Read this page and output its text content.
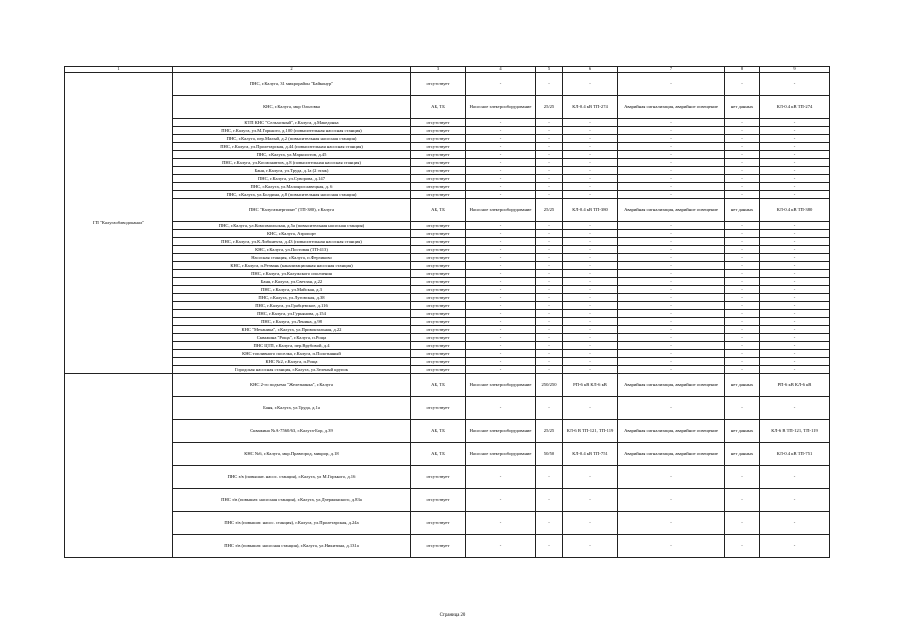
1	2	3	4	5	6	7	8	9
ГП "Калугаоблводоканал"	ПНС, г.Калуга, 31 микрорайон "Байконур"	отсутствует	-	-	-	-	-	-
	КНС, г.Калуга, мкр Ольговка	АБ, ТБ	Насосное электрооборудование	25/25	КЛ-0.4 кВ ТП-274	Аварийная сигнализация, аварийное освещение	нет данных	КЛ-0.4 кВ ТП-274
	КТП КНС "Сельхозный", г.Калуга, д.Македонка	отсутствует	-	-	-	-	-	-
	ПНС, г.Калуга, ул.М.Горького, д.100 (повысительная насосная станция)	отсутствует	-	-	-	-	-	-
	ПНС, г.Калуга, пер.Малый, д.2 (повысительная насосная станция)	отсутствует	-	-	-	-	-	-
	ПНС, г.Калуга, ул.Пролетарская, д.44 (повысительная насосная станция)	отсутствует	-	-	-	-	-	-
	ПНС, г.Калуга, ул.Марксистов, д.45	отсутствует	-	-	-	-	-	-
	ПНС, г.Калуга, ул.Космонавтов, д.8 (повысительная насосная станция)	отсутствует	-	-	-	-	-	-
	Баня, г.Калуга, ул.Труда, д.1а (2 этаж)	отсутствует	-	-	-	-	-	-
	ПНС, г.Калуга, ул.Суворова, д.147	отсутствует	-	-	-	-	-	-
	ПНС, г.Калуга, ул.Малоярославецкая, д. 6	отсутствует	-	-	-	-	-	-
	ПНС, г.Калуга, ул.Болдина, д.8 (повысительная насосная станция)	отсутствует	-	-	-	-	-	-
	ПНС "Калугаэнергоинт" (ТП-380), г.Калуга	АБ, ТБ	Насосное электрооборудование	25/25	КЛ-0.4 кВ ТП-380	Аварийная сигнализация, аварийное освещение	нет данных	КЛ-0.4 кВ ТП-380
	ПНС, г.Калуга, ул.Комсомольская, д.5а (повысительная насосная станция)	отсутствует	-	-	-	-	-	-
	КНС, г.Калуга, Аэропорт	отсутствует	-	-	-	-	-	-
	ПНС, г.Калуга, ул.К.Либкнехта, д.43 (повысительная насосная станция)	отсутствует	-	-	-	-	-	-
	КНС, г.Калуга, ул.Постовая (ТП-413)	отсутствует	-	-	-	-	-	-
	Насосная станция, г.Калуга, п.Ферзиково	отсутствует	-	-	-	-	-	-
	КНС, г.Калуга, п.Резвань (канализационная насосная станция)	отсутствует	-	-	-	-	-	-
	ПНС, г.Калуга, ул.Калужского ополчения	отсутствует	-	-	-	-	-	-
	Баня, г.Калуга, ул.Светлая, д.22	отсутствует	-	-	-	-	-	-
	ПНС, г.Калуга, ул.Майская, д.3	отсутствует	-	-	-	-	-	-
	ПНС, г.Калуга, ул.Луговская, д.38	отсутствует	-	-	-	-	-	-
	ПНС, г.Калуга, ул.Грабцевское, д.116	отсутствует	-	-	-	-	-	-
	ПНС, г.Калуга, ул.Гурьянова, д.154	отсутствует	-	-	-	-	-	-
	ПНС, г.Калуга, ул.Ленина, д.98	отсутствует	-	-	-	-	-	-
	КНС "Механика", г.Калуга, ул.Привокзальная, д.22	отсутствует	-	-	-	-	-	-
	Скважина "Роща", г.Калуга, п.Роща	отсутствует	-	-	-	-	-	-
	ПНС ЦТП, г.Калуга, пер.Врубовой, д.4	отсутствует	-	-	-	-	-	-
	КНС топливного поселка, г.Калуга, п.Полотняный	отсутствует	-	-	-	-	-	-
	КНС №2, г.Калуга, п.Роща	отсутствует	-	-	-	-	-	-
	Городская насосная станция, г.Калуга, ул.Зеленый крупок	отсутствует	-	-	-	-	-	-
	КНС 2-го подъема "Железнинка", г.Калуга	АБ, ТБ	Насосное электрооборудование	250/250	РП-6 кВ КЛ-6 кВ	Аварийная сигнализация, аварийное освещение	нет данных	РП-6 кВ КЛ-6 кВ
	Баня, г.Калуга, ул.Труда, д.1а	отсутствует	-	-	-	-	-	-
	Скважина №А-7560/63, г.Калуга-Бор, д.39	АБ, ТБ	Насосное электрооборудование	25/25	КЛ-6 В ТП-121, ТП-119	Аварийная сигнализация, аварийное освещение	нет данных	КЛ-6 В ТП-121, ТП-119
	КНС №6, г.Калуга, мкр.Правгород, микрор, д.18	АБ, ТБ	Насосное электрооборудование	50/50	КЛ-0.4 кВ ТП-751	Аварийная сигнализация, аварийное освещение	нет данных	КЛ-0.4 кВ ТП-751
	ПНС з/в (повышат. насос. станция), г.Калуга, ул М.Горького, д.16	отсутствует	-	-	-	-	-	-
	ПНС з/в (повышат. насосная станция), г.Калуга, ул.Дзержинского, д.83а	отсутствует	-	-	-	-	-	-
	ПНС з/в (повышат. насос. станция), г.Калуга, ул.Пролетарская, д.24а	отсутствует	-	-	-	-	-	-
	ПНС з/в (повышат. насосная станция), г.Калуга, ул.Никитина, д.131а	отсутствует	-	-	-	-	-	-
Страница 20
